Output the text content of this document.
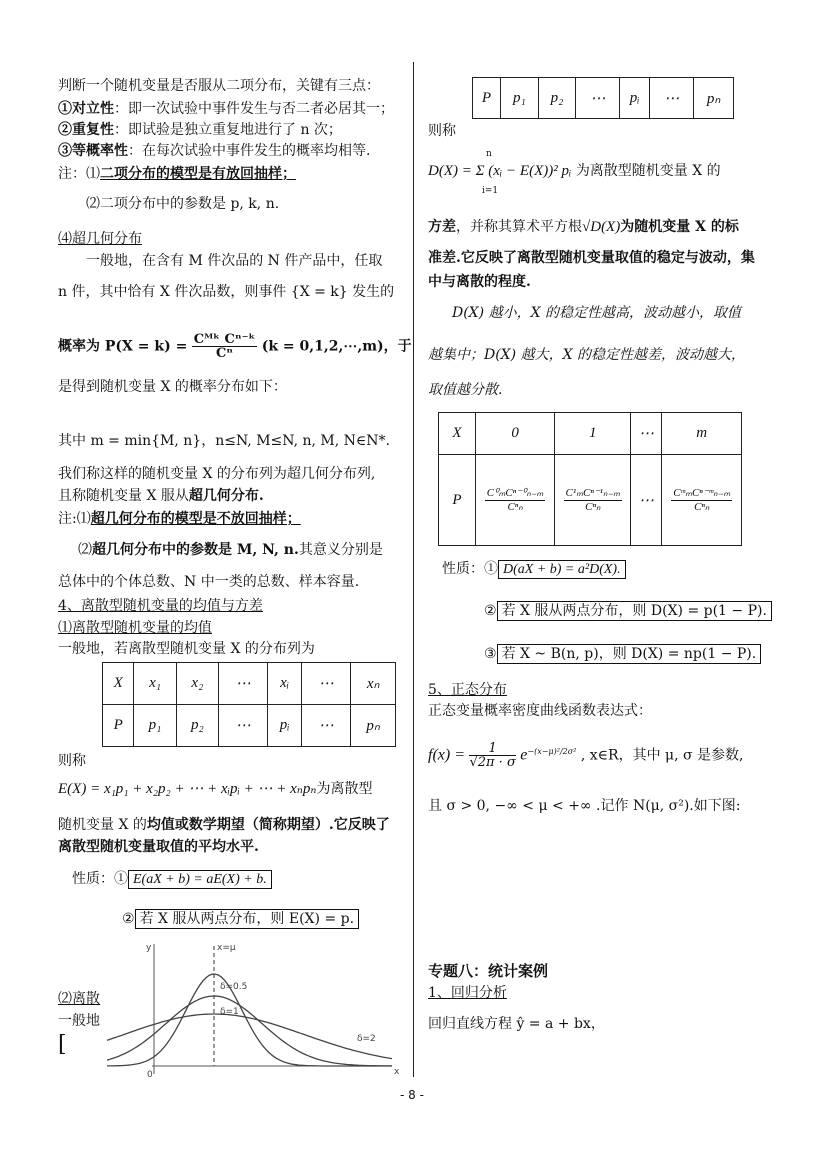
判断一个随机变量是否服从二项分布，关键有三点：
①对立性：即一次试验中事件发生与否二者必居其一；
②重复性：即试验是独立重复地进行了 n 次；
③等概率性：在每次试验中事件发生的概率均相等.
注：⑴二项分布的模型是有放回抽样；
⑵二项分布中的参数是 p, k, n.
⑷超几何分布
一般地，在含有 M 件次品的 N 件产品中，任取
n 件，其中恰有 X 件次品数，则事件 {X = k} 发生的
概率为 $P(X = k) = \frac{\text{Cᴹᵏ Cⁿ⁻ᵏ}}{\text{Cⁿ}} (k$ = 0,1,2,⋯,m)，于
是得到随机变量 X 的概率分布如下：
其中 m = min{M, n}，n≤N, M≤N, n, M, N∈N*.
我们称这样的随机变量 X 的分布列为超几何分布列,
且称随机变量 X 服从超几何分布.
注:⑴超几何分布的模型是不放回抽样；
⑵超几何分布中的参数是 M, N, n.其意义分别是
总体中的个体总数、N 中一类的总数、样本容量.
4、离散型随机变量的均值与方差
⑴离散型随机变量的均值
一般地，若离散型随机变量 X 的分布列为
X	x₁	x₂	⋯	xᵢ	⋯	xₙ
P	p₁	p₂	⋯	pᵢ	⋯	pₙ
则称
E(X) = x₁p₁ + x₂p₂ + ⋯ + xᵢpᵢ + ⋯ + xₙpₙ为离散型
随机变量 X 的均值或数学期望（简称期望）.它反映了
离散型随机变量取值的平均水平.
性质：① E(aX + b) = aE(X) + b.
② 若 X 服从两点分布，则 E(X) = p.
⑵离散
一般地
[
y
x
0
x=μ
δ=0.5
δ=1
δ=2
P	p₁	p₂	⋯	pᵢ	⋯	pₙ
则称
D(X) = Σ (xᵢ − E(X))² pᵢ 为离散型随机变量 X 的
n
i=1
方差，并称其算术平方根√D(X)为随机变量 X 的标
准差.它反映了离散型随机变量取值的稳定与波动，集
中与离散的程度.
D(X) 越小，X 的稳定性越高，波动越小，取值
越集中；D(X) 越大，X 的稳定性越差，波动越大，
取值越分散.
X	0	1	⋯	m
P	$\frac{\text{C⁰ₘCⁿ⁻⁰ₙ₋ₘ}}{\text{Cⁿₙ}}$	$\frac{\text{C¹ₘCⁿ⁻¹ₙ₋ₘ}}{\text{Cⁿₙ}}$	⋯	$\frac{\text{CᵐₘCⁿ⁻ᵐₙ₋ₘ}}{\text{Cⁿₙ}}$
性质：① D(aX + b) = a²D(X).
② 若 X 服从两点分布，则 D(X) = p(1 − P).
③ 若 X ~ B(n, p)，则 D(X) = np(1 − P).
5、正态分布
正态变量概率密度曲线函数表达式：
$f(x) = \frac{1}{√2\pi \cdot \sigma} e^{-(x-\mu)^2/2\sigma^2}$ , x∈R，其中 μ, σ 是参数,
且 σ > 0, −∞ < μ < +∞ .记作 N(μ, σ²).如下图:
专题八：统计案例
1、回归分析
回归直线方程 ŷ = a + bx，
- 8 -
